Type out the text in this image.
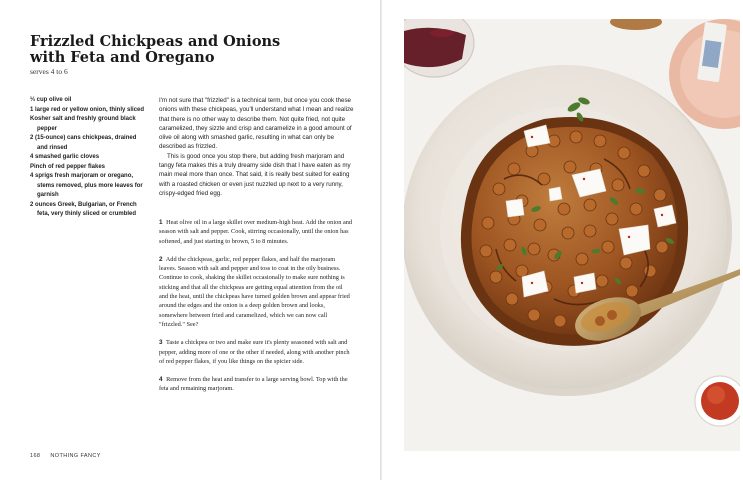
Frizzled Chickpeas and Onions
with Feta and Oregano
serves 4 to 6
⅓ cup olive oil
1 large red or yellow onion, thinly sliced
Kosher salt and freshly ground black pepper
2 (15-ounce) cans chickpeas, drained and rinsed
4 smashed garlic cloves
Pinch of red pepper flakes
4 sprigs fresh marjoram or oregano, stems removed, plus more leaves for garnish
2 ounces Greek, Bulgarian, or French feta, very thinly sliced or crumbled

I'm not sure that "frizzled" is a technical term, but once you cook these onions with these chickpeas, you'll understand what I mean and realize that there is no other way to describe them. Not quite fried, not quite caramelized, they sizzle and crisp and caramelize in a good amount of olive oil along with smashed garlic, resulting in what can only be described as frizzled.

This is good once you stop there, but adding fresh marjoram and tangy feta makes this a truly dreamy side dish that I have eaten as my main meal more than once. That said, it is really best suited for eating with a roasted chicken or even just nuzzled up next to a very runny, crispy-edged fried egg.

1 Heat olive oil in a large skillet over medium-high heat. Add the onion and season with salt and pepper. Cook, stirring occasionally, until the onion has softened, and just starting to brown, 5 to 8 minutes.

2 Add the chickpeas, garlic, red pepper flakes, and half the marjoram leaves. Season with salt and pepper and toss to coat in the oily business. Continue to cook, shaking the skillet occasionally to make sure nothing is sticking and that all the chickpeas are getting equal attention from the oil and the heat, until the chickpeas have turned golden brown and appear fried around the edges and the onion is a deep golden brown and looks, somewhere between fried and caramelized, which we can now call "frizzled." See?

3 Taste a chickpea or two and make sure it's plenty seasoned with salt and pepper, adding more of one or the other if needed, along with another pinch of red pepper flakes, if you like things on the spicier side.

4 Remove from the heat and transfer to a large serving bowl. Top with the feta and remaining marjoram.

168 NOTHING FANCY
